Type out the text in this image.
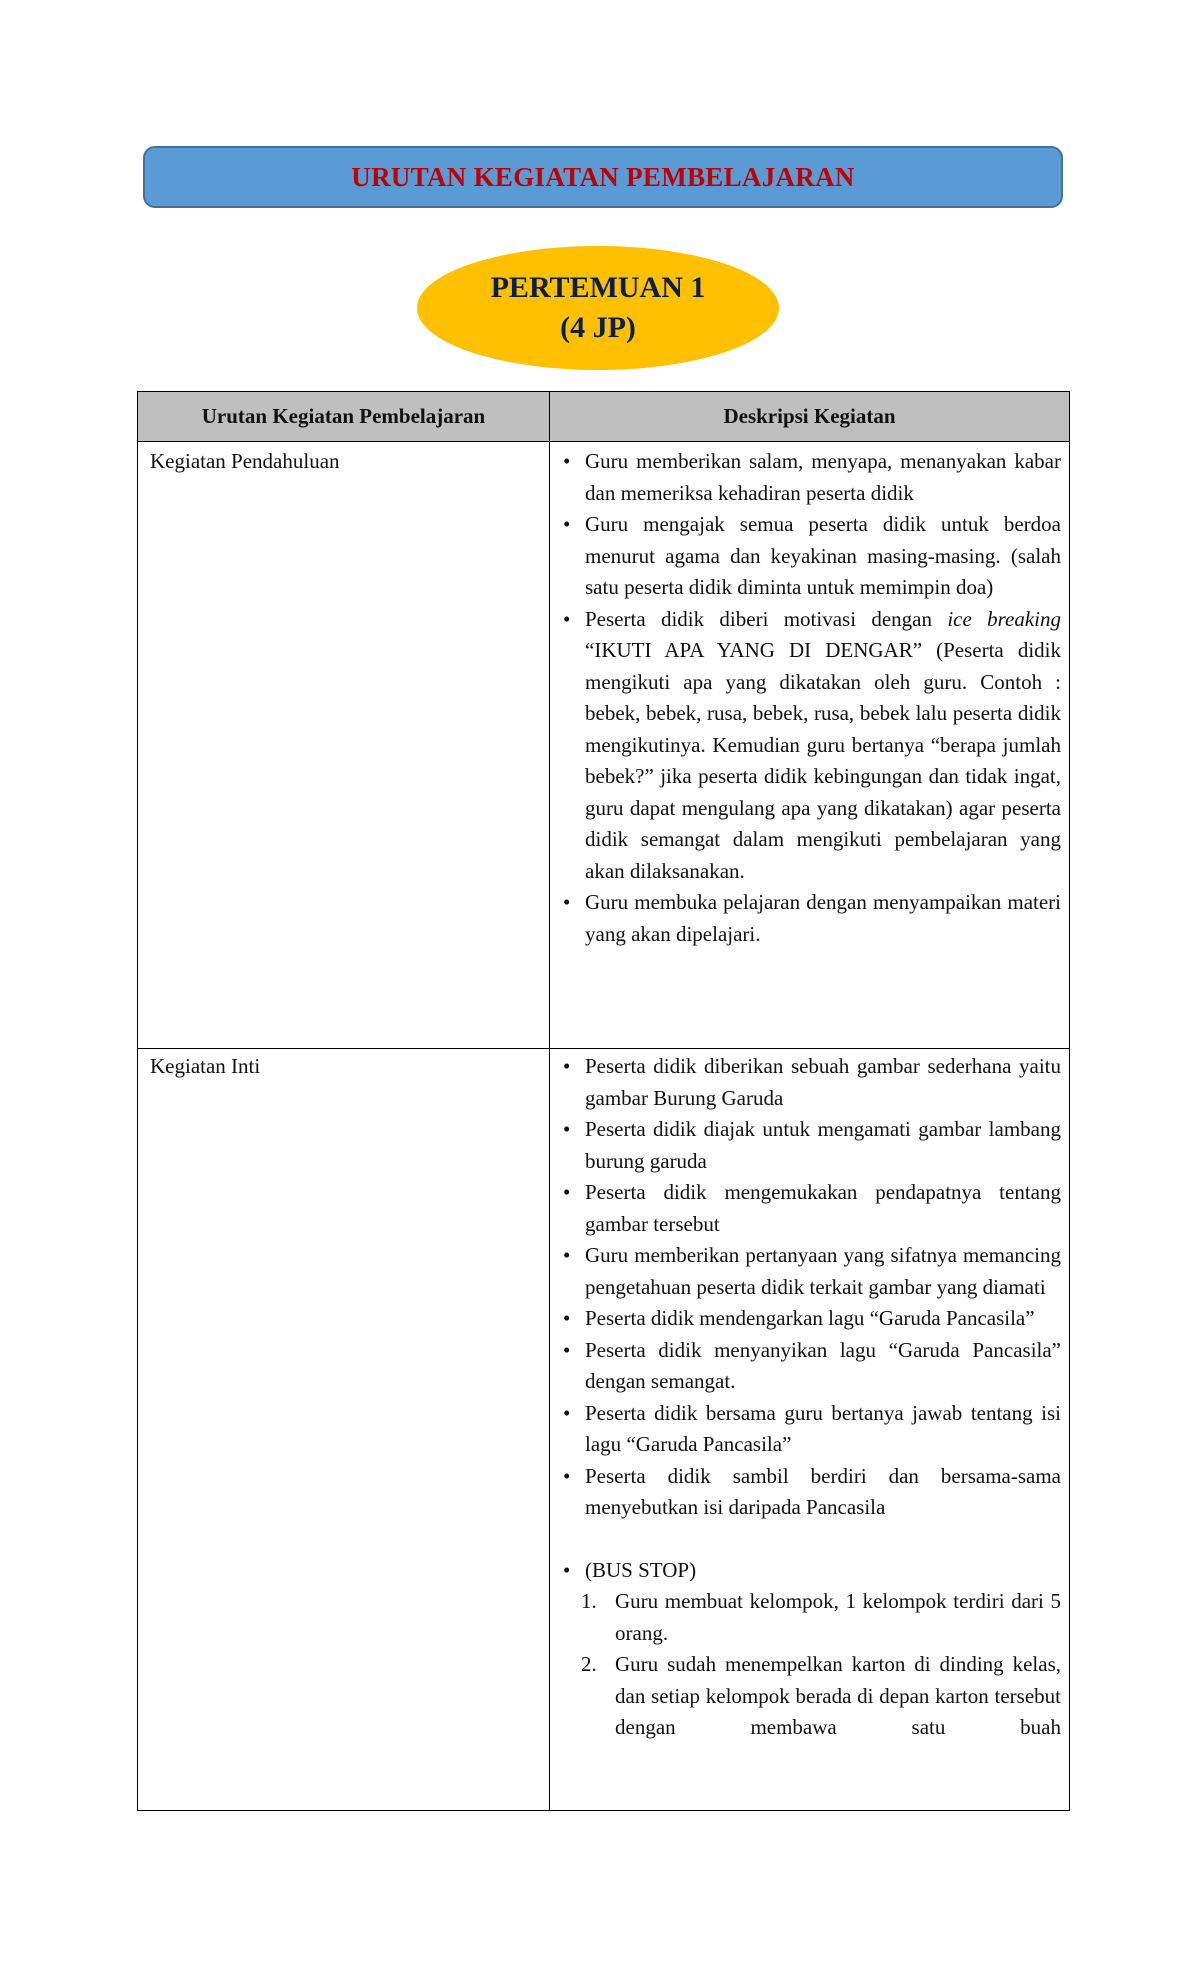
URUTAN KEGIATAN PEMBELAJARAN
PERTEMUAN 1
(4 JP)
Urutan Kegiatan Pembelajaran	Deskripsi Kegiatan
Kegiatan Pendahuluan	• Guru memberikan salam, menyapa, menanyakan kabar dan memeriksa kehadiran peserta didik
• Guru mengajak semua peserta didik untuk berdoa menurut agama dan keyakinan masing-masing. (salah satu peserta didik diminta untuk memimpin doa)
• Peserta didik diberi motivasi dengan ice breaking “IKUTI APA YANG DI DENGAR” (Peserta didik mengikuti apa yang dikatakan oleh guru. Contoh : bebek, bebek, rusa, bebek, rusa, bebek lalu peserta didik mengikutinya. Kemudian guru bertanya “berapa jumlah bebek?” jika peserta didik kebingungan dan tidak ingat, guru dapat mengulang apa yang dikatakan) agar peserta didik semangat dalam mengikuti pembelajaran yang akan dilaksanakan.
• Guru membuka pelajaran dengan menyampaikan materi yang akan dipelajari.
Kegiatan Inti	• Peserta didik diberikan sebuah gambar sederhana yaitu gambar Burung Garuda
• Peserta didik diajak untuk mengamati gambar lambang burung garuda
• Peserta didik mengemukakan pendapatnya tentang gambar tersebut
• Guru memberikan pertanyaan yang sifatnya memancing pengetahuan peserta didik terkait gambar yang diamati
• Peserta didik mendengarkan lagu “Garuda Pancasila”
• Peserta didik menyanyikan lagu “Garuda Pancasila” dengan semangat.
• Peserta didik bersama guru bertanya jawab tentang isi lagu “Garuda Pancasila”
• Peserta didik sambil berdiri dan bersama-sama menyebutkan isi daripada Pancasila
• (BUS STOP)
1. Guru membuat kelompok, 1 kelompok terdiri dari 5 orang.
2. Guru sudah menempelkan karton di dinding kelas, dan setiap kelompok berada di depan karton tersebut dengan membawa satu buah
